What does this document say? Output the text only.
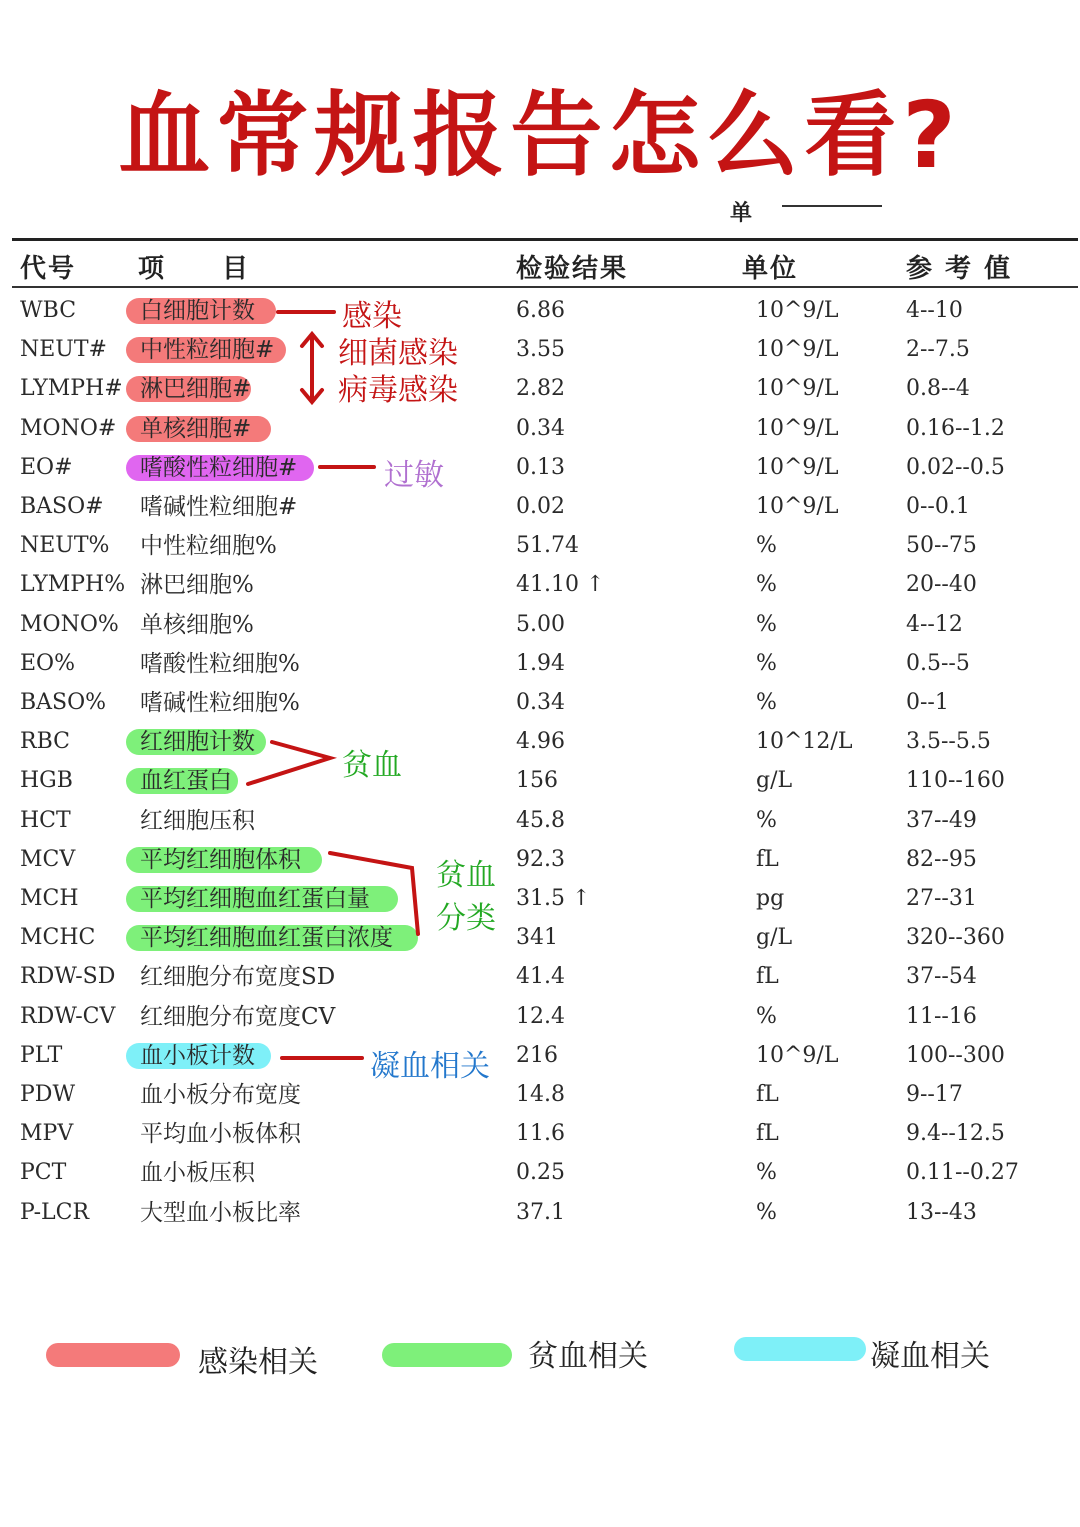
血常规报告怎么看?
单
代号 项　　目	检验结果	单位	参 考 值
WBC	白细胞计数	6.86	10^9/L	4--10
NEUT# 中性粒细胞#	3.55	10^9/L	2--7.5
LYMPH# 淋巴细胞#	2.82	10^9/L	0.8--4
MONO# 单核细胞#	0.34	10^9/L	0.16--1.2
EO#	嗜酸性粒细胞#	0.13	10^9/L	0.02--0.5
BASO# 嗜碱性粒细胞#	0.02	10^9/L	0--0.1
NEUT% 中性粒细胞%	51.74	%	50--75
LYMPH% 淋巴细胞%	41.10 ↑	%	20--40
MONO% 单核细胞%	5.00	%	4--12
EO%	嗜酸性粒细胞%	1.94	%	0.5--5
BASO% 嗜碱性粒细胞%	0.34	%	0--1
RBC	红细胞计数	4.96	10^12/L 3.5--5.5
HGB	血红蛋白	156	g/L	110--160
HCT	红细胞压积	45.8	%	37--49
MCV	平均红细胞体积	92.3	fL	82--95
MCH	平均红细胞血红蛋白量	31.5 ↑	pg	27--31
MCHC 平均红细胞血红蛋白浓度	341	g/L	320--360
RDW-SD 红细胞分布宽度SD	41.4	fL	37--54
RDW-CV 红细胞分布宽度CV	12.4	%	11--16
PLT	血小板计数	216	10^9/L	100--300
PDW	血小板分布宽度	14.8	fL	9--17
MPV	平均血小板体积	11.6	fL	9.4--12.5
PCT	血小板压积	0.25	%	0.11--0.27
P-LCR 大型血小板比率	37.1	%	13--43
感染
细菌感染
病毒感染
过敏
贫血
贫血
分类
凝血相关
感染相关	贫血相关	凝血相关
